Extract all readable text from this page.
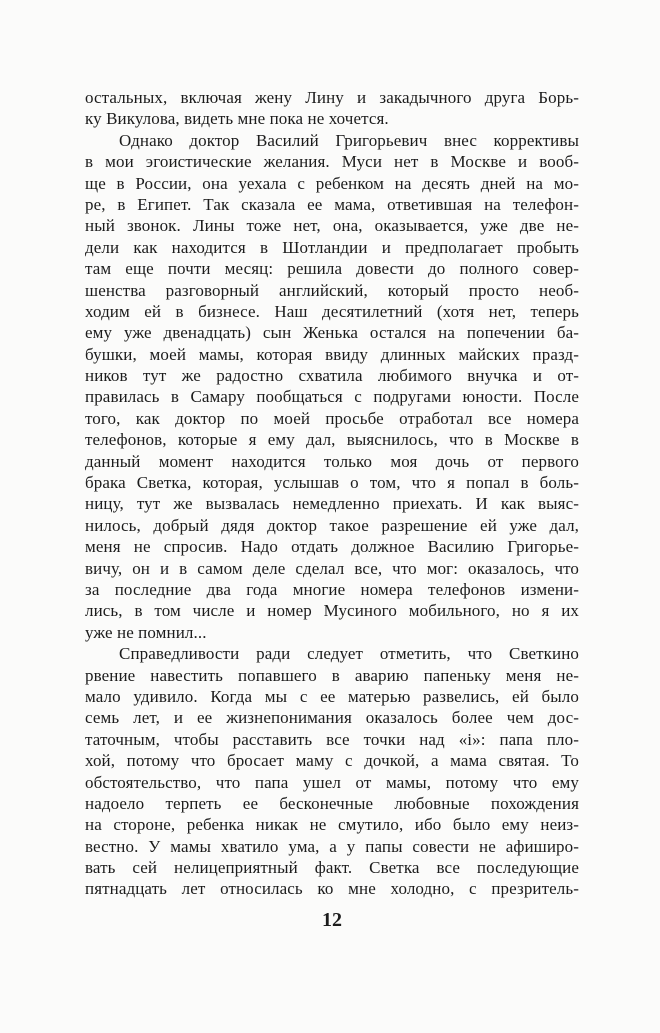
остальных, включая жену Лину и закадычного друга Борь-
ку Викулова, видеть мне пока не хочется.
Однако доктор Василий Григорьевич внес коррективы
в мои эгоистические желания. Муси нет в Москве и вооб-
ще в России, она уехала с ребенком на десять дней на мо-
ре, в Египет. Так сказала ее мама, ответившая на телефон-
ный звонок. Лины тоже нет, она, оказывается, уже две не-
дели как находится в Шотландии и предполагает пробыть
там еще почти месяц: решила довести до полного совер-
шенства разговорный английский, который просто необ-
ходим ей в бизнесе. Наш десятилетний (хотя нет, теперь
ему уже двенадцать) сын Женька остался на попечении ба-
бушки, моей мамы, которая ввиду длинных майских празд-
ников тут же радостно схватила любимого внучка и от-
правилась в Самару пообщаться с подругами юности. После
того, как доктор по моей просьбе отработал все номера
телефонов, которые я ему дал, выяснилось, что в Москве в
данный момент находится только моя дочь от первого
брака Светка, которая, услышав о том, что я попал в боль-
ницу, тут же вызвалась немедленно приехать. И как выяс-
нилось, добрый дядя доктор такое разрешение ей уже дал,
меня не спросив. Надо отдать должное Василию Григорье-
вичу, он и в самом деле сделал все, что мог: оказалось, что
за последние два года многие номера телефонов измени-
лись, в том числе и номер Мусиного мобильного, но я их
уже не помнил...
Справедливости ради следует отметить, что Светкино
рвение навестить попавшего в аварию папеньку меня не-
мало удивило. Когда мы с ее матерью развелись, ей было
семь лет, и ее жизнепонимания оказалось более чем дос-
таточным, чтобы расставить все точки над «i»: папа пло-
хой, потому что бросает маму с дочкой, а мама святая. То
обстоятельство, что папа ушел от мамы, потому что ему
надоело терпеть ее бесконечные любовные похождения
на стороне, ребенка никак не смутило, ибо было ему неиз-
вестно. У мамы хватило ума, а у папы совести не афиширо-
вать сей нелицеприятный факт. Светка все последующие
пятнадцать лет относилась ко мне холодно, с презритель-
12
